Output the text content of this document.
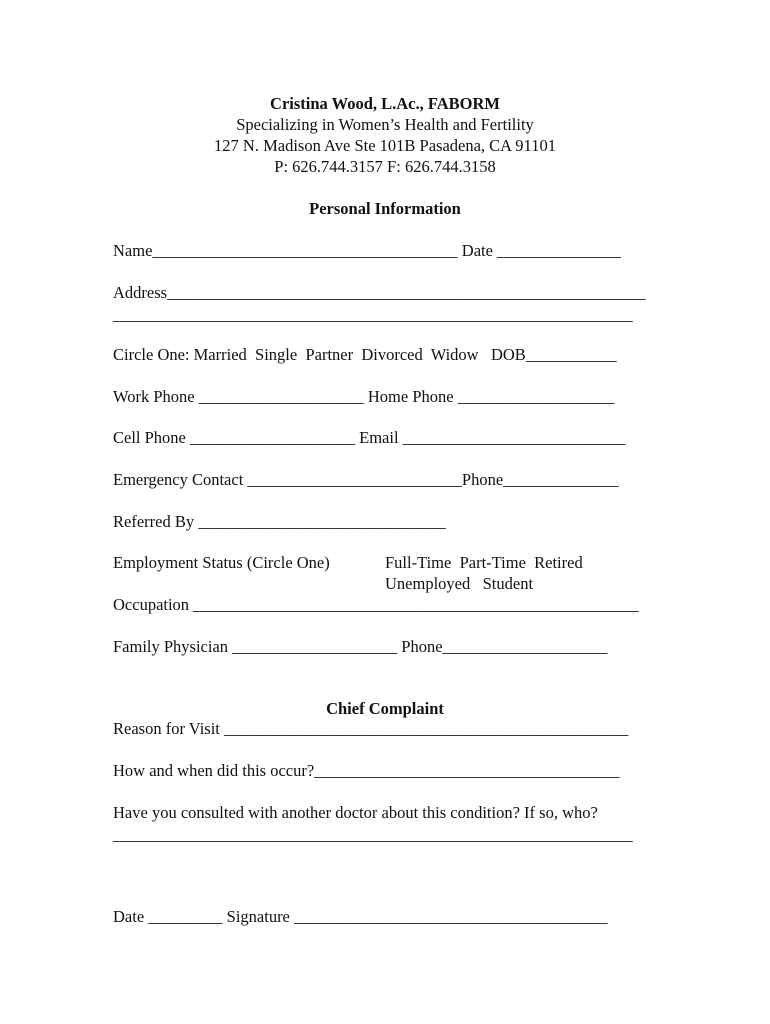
Cristina Wood, L.Ac., FABORM
Specializing in Women’s Health and Fertility
127 N. Madison Ave Ste 101B Pasadena, CA 91101
P: 626.744.3157 F: 626.744.3158
Personal Information
Name_____________________________________ Date _______________
Address__________________________________________________________
_______________________________________________________________
Circle One: Married  Single  Partner  Divorced  Widow   DOB___________
Work Phone ____________________ Home Phone ___________________
Cell Phone ____________________ Email ___________________________
Emergency Contact __________________________Phone______________
Referred By ______________________________
Employment Status (Circle One)	Full-Time  Part-Time  Retired
Unemployed   Student
Occupation ______________________________________________________
Family Physician ____________________ Phone____________________
Chief Complaint
Reason for Visit _________________________________________________
How and when did this occur?_____________________________________
Have you consulted with another doctor about this condition? If so, who?
_______________________________________________________________
Date _________ Signature ______________________________________
